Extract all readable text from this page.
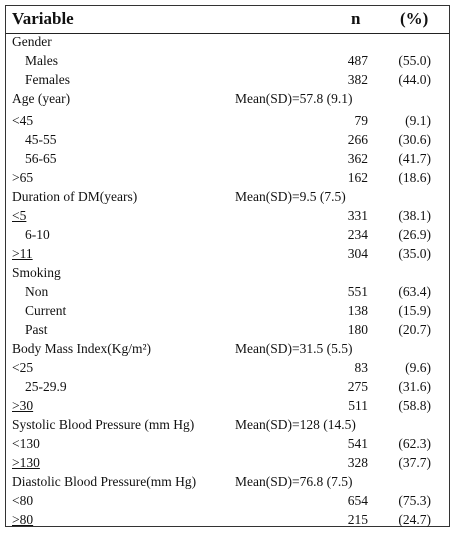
Variable	n (%)
Gender
Males	487 (55.0)
Females	382 (44.0)
Age (year)	Mean(SD)=57.8 (9.1)
<45	79	(9.1)
45-55	266 (30.6)
56-65	362 (41.7)
>65	162 (18.6)
Duration of DM(years)	Mean(SD)=9.5 (7.5)
<5	331 (38.1)
6-10	234 (26.9)
>11	304 (35.0)
Smoking
Non	551 (63.4)
Current	138 (15.9)
Past	180 (20.7)
Body Mass Index(Kg/m²)	Mean(SD)=31.5 (5.5)
<25	83	(9.6)
25-29.9	275 (31.6)
>30	511 (58.8)
Systolic Blood Pressure (mm Hg)	Mean(SD)=128 (14.5)
<130	541 (62.3)
>130	328 (37.7)
Diastolic Blood Pressure(mm Hg)	Mean(SD)=76.8 (7.5)
<80	654 (75.3)
>80	215 (24.7)
